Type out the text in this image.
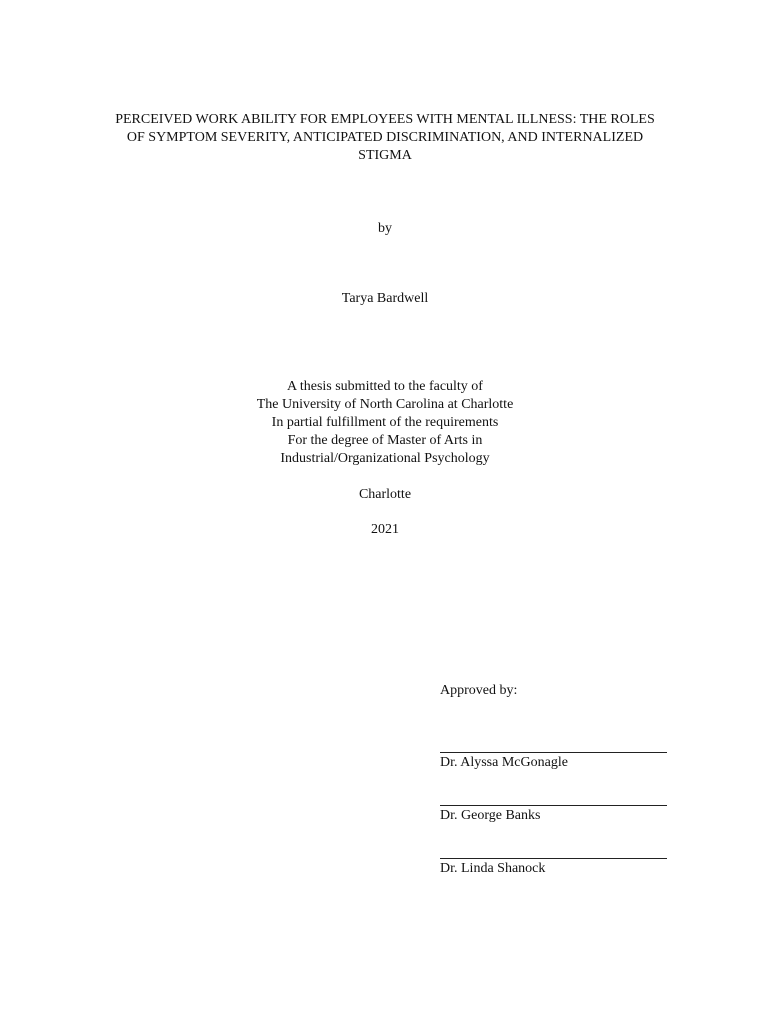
PERCEIVED WORK ABILITY FOR EMPLOYEES WITH MENTAL ILLNESS: THE ROLES
OF SYMPTOM SEVERITY, ANTICIPATED DISCRIMINATION, AND INTERNALIZED
STIGMA
by
Tarya Bardwell
A thesis submitted to the faculty of
The University of North Carolina at Charlotte
In partial fulfillment of the requirements
For the degree of Master of Arts in
Industrial/Organizational Psychology
Charlotte
2021
Approved by:
Dr. Alyssa McGonagle
Dr. George Banks
Dr. Linda Shanock
